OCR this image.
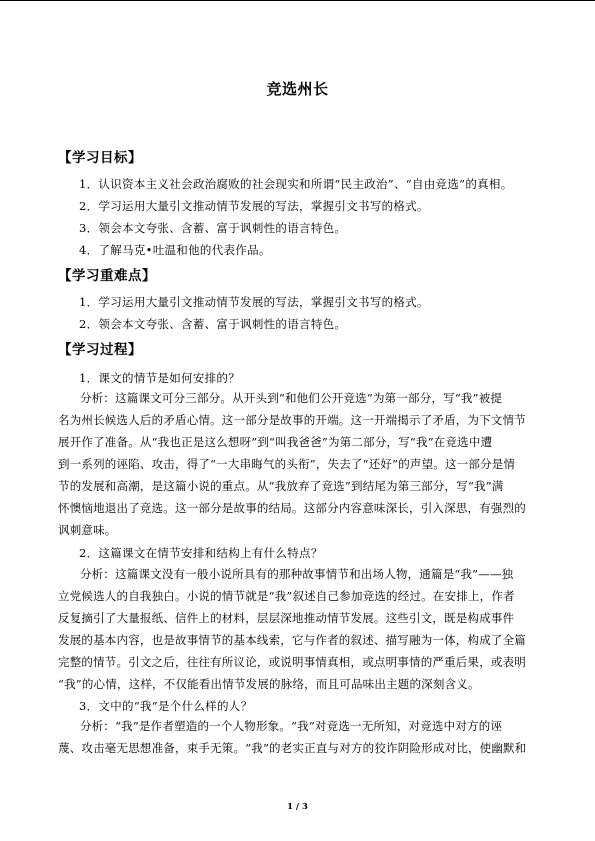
竞选州长
【学习目标】
1．认识资本主义社会政治腐败的社会现实和所谓“民主政治”、“自由竞选”的真相。
2．学习运用大量引文推动情节发展的写法，掌握引文书写的格式。
3．领会本文夸张、含蓄、富于讽刺性的语言特色。
4．了解马克•吐温和他的代表作品。
【学习重难点】
1．学习运用大量引文推动情节发展的写法，掌握引文书写的格式。
2．领会本文夸张、含蓄、富于讽刺性的语言特色。
【学习过程】
1．课文的情节是如何安排的？
分析：这篇课文可分三部分。从开头到“和他们公开竞选”为第一部分，写“我”被提
名为州长候选人后的矛盾心情。这一部分是故事的开端。这一开端揭示了矛盾，为下文情节
展开作了准备。从“我也正是这么想呀”到“叫我爸爸”为第二部分，写“我”在竞选中遭
到一系列的诬陷、攻击，得了“一大串晦气的头衔”，失去了“还好”的声望。这一部分是情
节的发展和高潮，是这篇小说的重点。从“我放弃了竞选”到结尾为第三部分，写“我”满
怀懊恼地退出了竞选。这一部分是故事的结局。这部分内容意味深长，引入深思，有强烈的
讽刺意味。
2．这篇课文在情节安排和结构上有什么特点？
分析：这篇课文没有一般小说所具有的那种故事情节和出场人物，通篇是“我”——独
立党候选人的自我独白。小说的情节就是“我”叙述自己参加竞选的经过。在安排上，作者
反复摘引了大量报纸、信件上的材料，层层深地推动情节发展。这些引文，既是构成事件
发展的基本内容，也是故事情节的基本线索，它与作者的叙述、描写融为一体，构成了全篇
完整的情节。引文之后，往往有所议论，或说明事情真相，或点明事情的严重后果，或表明
“我”的心情，这样，不仅能看出情节发展的脉络，而且可品味出主题的深刻含义。
3．文中的“我”是个什么样的人？
分析：“我”是作者塑造的一个人物形象。“我”对竞选一无所知，对竞选中对方的诬
蔑、攻击毫无思想准备，束手无策。“我”的老实正直与对方的狡诈阴险形成对比，使幽默和
1 / 3
